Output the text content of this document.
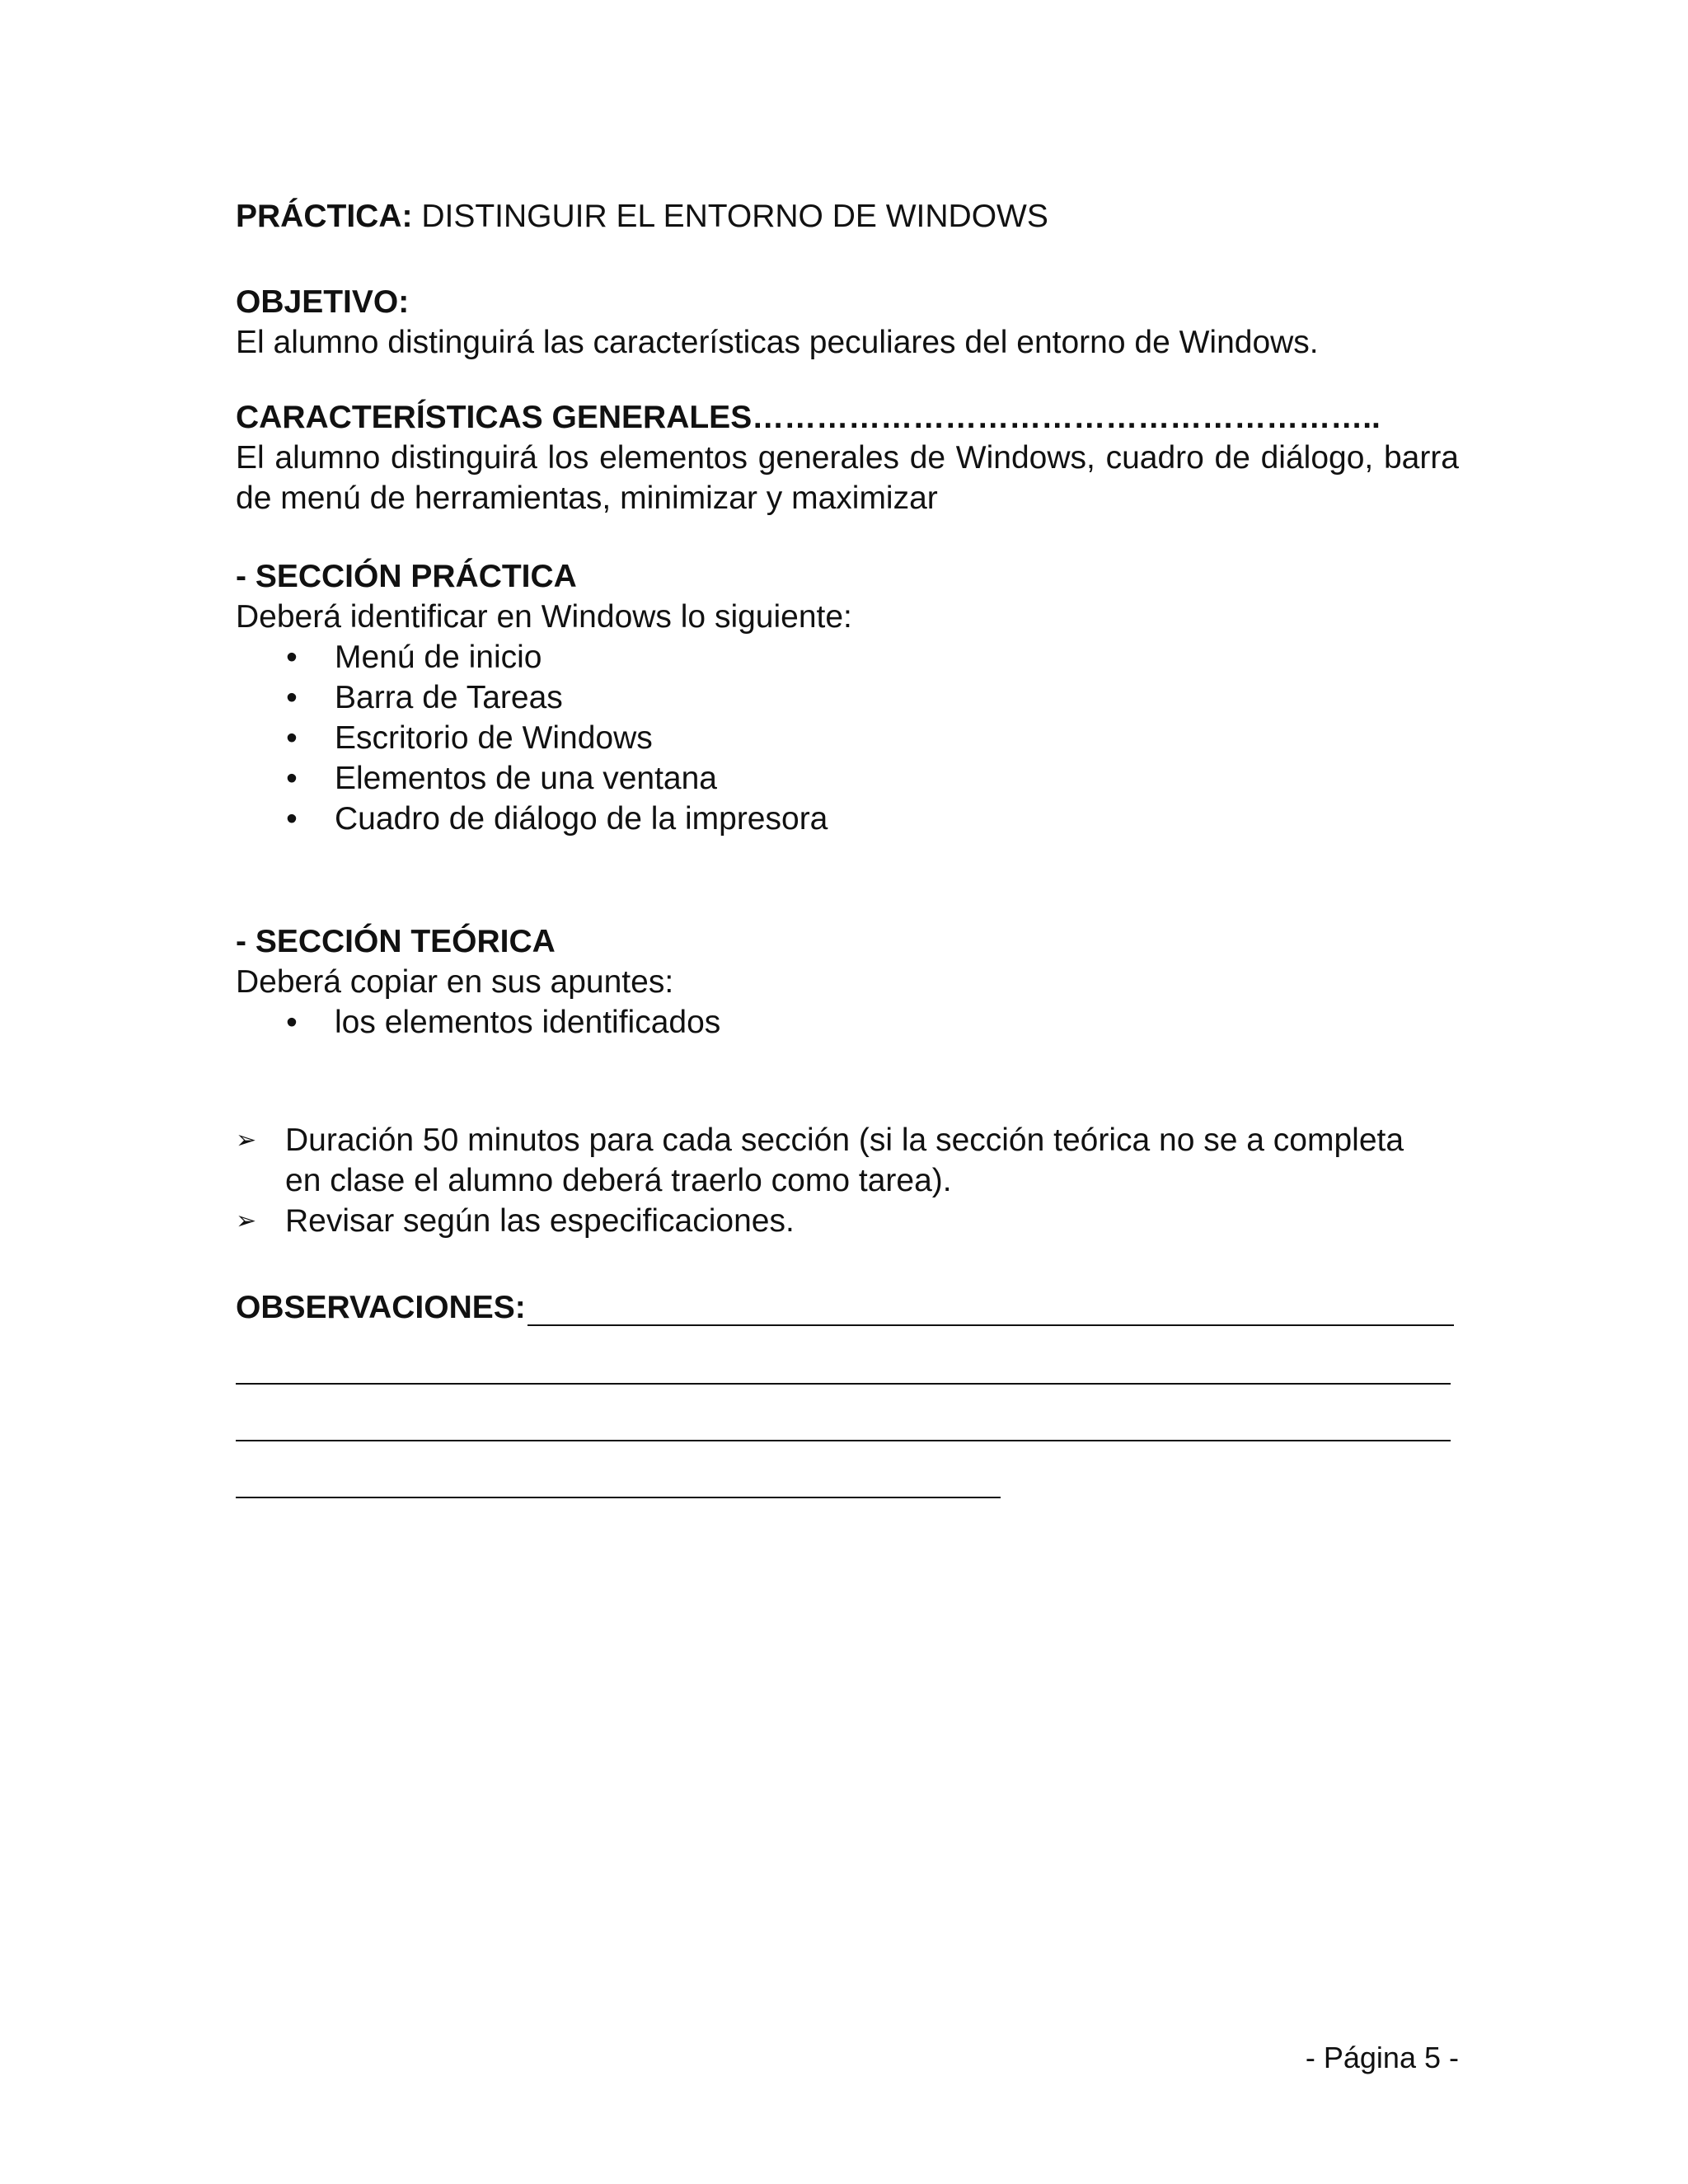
PRÁCTICA: DISTINGUIR EL ENTORNO DE WINDOWS
OBJETIVO:
El alumno distinguirá las características peculiares del entorno de Windows.
CARACTERÍSTICAS GENERALES…………………………………………………..
El alumno distinguirá los elementos generales de Windows, cuadro de diálogo, barra de menú de herramientas, minimizar y maximizar
- SECCIÓN PRÁCTICA
Deberá identificar en Windows lo siguiente:
• Menú de inicio
• Barra de Tareas
• Escritorio de Windows
• Elementos de una ventana
• Cuadro de diálogo de la impresora
- SECCIÓN TEÓRICA
Deberá copiar en sus apuntes:
• los elementos identificados
➢ Duración 50 minutos para cada sección (si la sección teórica no se a completa
en clase el alumno deberá traerlo como tarea).
➢ Revisar según las especificaciones.
OBSERVACIONES:
- Página 5 -
